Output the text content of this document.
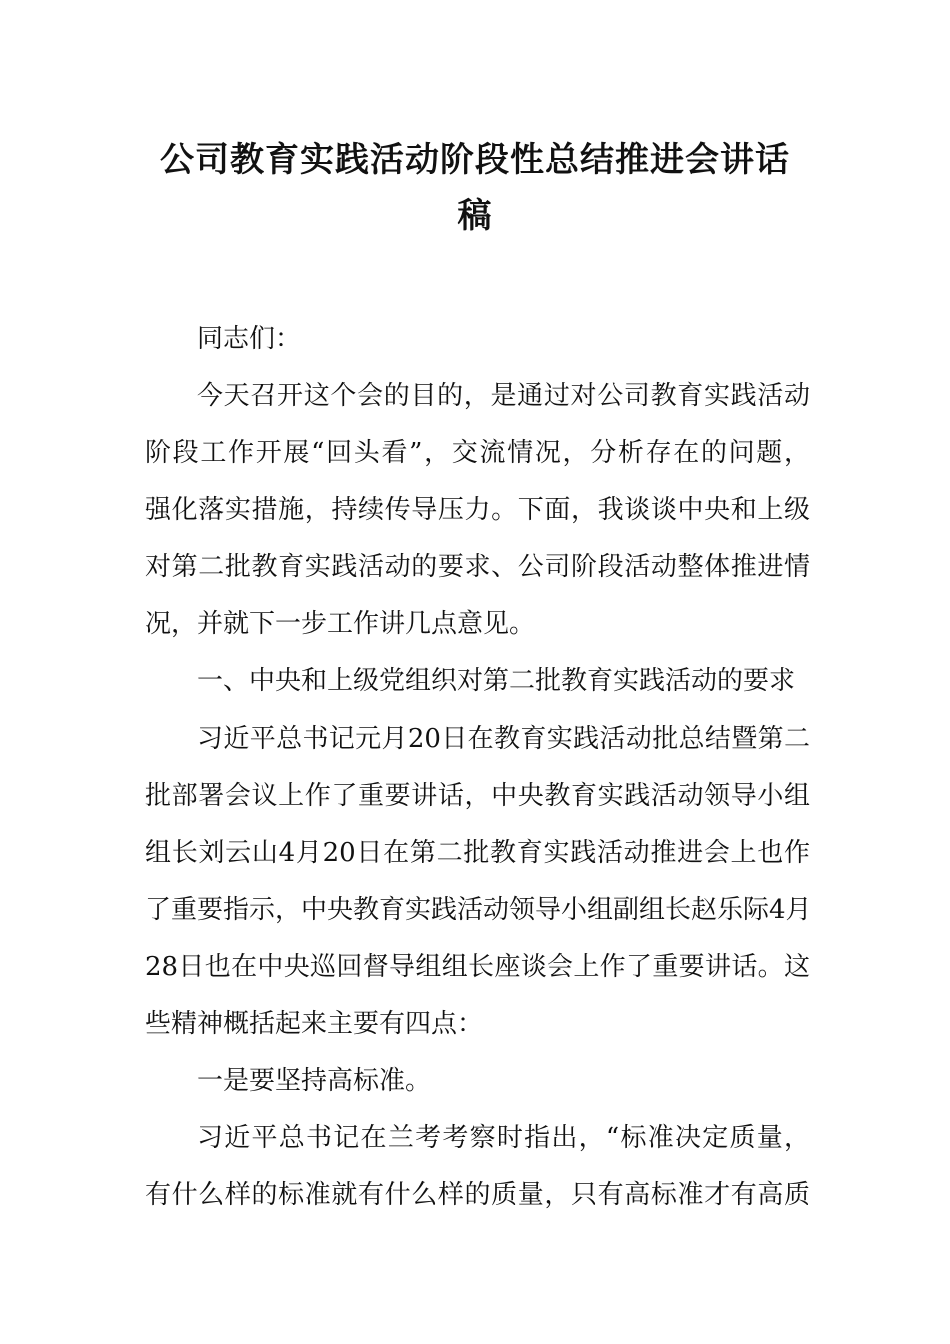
公司教育实践活动阶段性总结推进会讲话
稿

同志们：

今天召开这个会的目的，是通过对公司教育实践活动

阶段工作开展“回头看”，交流情况，分析存在的问题，

强化落实措施，持续传导压力。下面，我谈谈中央和上级

对第二批教育实践活动的要求、公司阶段活动整体推进情

况，并就下一步工作讲几点意见。

一、中央和上级党组织对第二批教育实践活动的要求

习近平总书记元月20日在教育实践活动批总结暨第二

批部署会议上作了重要讲话，中央教育实践活动领导小组

组长刘云山4月20日在第二批教育实践活动推进会上也作

了重要指示，中央教育实践活动领导小组副组长赵乐际4月

28日也在中央巡回督导组组长座谈会上作了重要讲话。这

些精神概括起来主要有四点：

一是要坚持高标准。

习近平总书记在兰考考察时指出，“标准决定质量，

有什么样的标准就有什么样的质量，只有高标准才有高质
